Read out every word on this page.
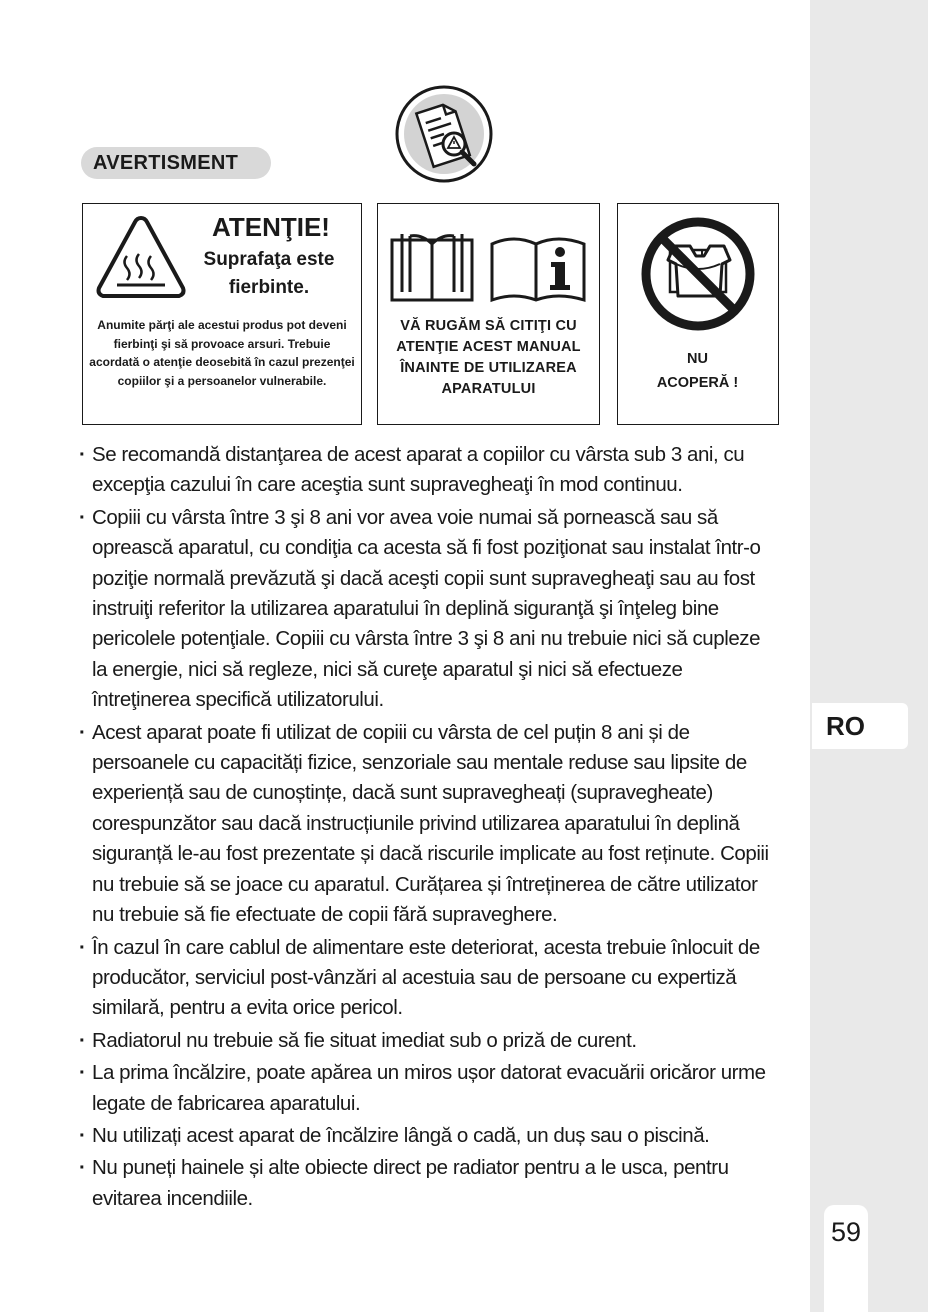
RO
59
AVERTISMENT
ATENŢIE!
Suprafaţa este
fierbinte.
Anumite părţi ale acestui produs pot deveni fierbinţi şi să provoace arsuri. Trebuie acordată o atenţie deosebită în cazul prezenţei copiilor şi a persoanelor vulnerabile.
VĂ RUGĂM SĂ CITIŢI CU ATENŢIE ACEST MANUAL ÎNAINTE DE UTILIZAREA APARATULUI
NU
ACOPERĂ !
· Se recomandă distanţarea de acest aparat a copiilor cu vârsta sub 3 ani, cu excepţia cazului în care aceştia sunt supravegheaţi în mod continuu.
· Copiii cu vârsta între 3 şi 8 ani vor avea voie numai să pornească sau să oprească aparatul, cu condiţia ca acesta să fi fost poziţionat sau instalat într-o poziţie normală prevăzută şi dacă aceşti copii sunt supravegheaţi sau au fost instruiţi referitor la utilizarea aparatului în deplină siguranţă şi înţeleg bine pericolele potenţiale. Copiii cu vârsta între 3 şi 8 ani nu trebuie nici să cupleze la energie, nici să regleze, nici să cureţe aparatul şi nici să efectueze întreţinerea specifică utilizatorului.
· Acest aparat poate fi utilizat de copiii cu vârsta de cel puțin 8 ani și de persoanele cu capacități fizice, senzoriale sau mentale reduse sau lipsite de experiență sau de cunoștințe, dacă sunt supravegheați (supravegheate) corespunzător sau dacă instrucțiunile privind utilizarea aparatului în deplină siguranță le-au fost prezentate și dacă riscurile implicate au fost reținute. Copiii nu trebuie să se joace cu aparatul. Curățarea și întreținerea de către utilizator nu trebuie să fie efectuate de copii fără supraveghere.
· În cazul în care cablul de alimentare este deteriorat, acesta trebuie înlocuit de producător, serviciul post-vânzări al acestuia sau de persoane cu expertiză similară, pentru a evita orice pericol.
· Radiatorul nu trebuie să fie situat imediat sub o priză de curent.
· La prima încălzire, poate apărea un miros ușor datorat evacuării oricăror urme legate de fabricarea aparatului.
· Nu utilizați acest aparat de încălzire lângă o cadă, un duș sau o piscină.
· Nu puneți hainele și alte obiecte direct pe radiator pentru a le usca, pentru evitarea incendiile.
